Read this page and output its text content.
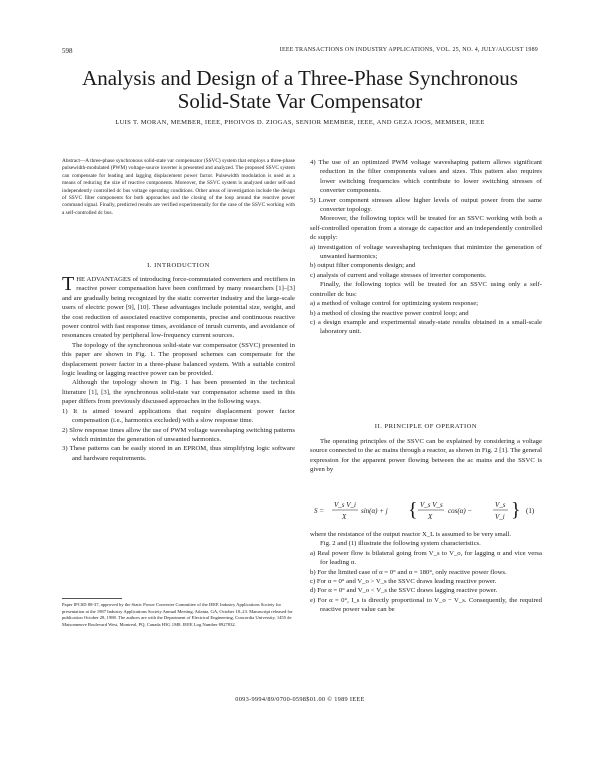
598	IEEE TRANSACTIONS ON INDUSTRY APPLICATIONS, VOL. 25, NO. 4, JULY/AUGUST 1989
Analysis and Design of a Three-Phase Synchronous
Solid-State Var Compensator
LUIS T. MORAN, MEMBER, IEEE, PHOIVOS D. ZIOGAS, SENIOR MEMBER, IEEE, AND GEZA JOOS, MEMBER, IEEE

Abstract—A three-phase synchronous solid-state var compensator (SSVC) system that employs a three-phase pulsewidth-modulated (PWM) voltage-source inverter is presented and analyzed. The proposed SSVC system can compensate for leading and lagging displacement power factor. Pulsewidth modulation is used as a means of reducing the size of reactive components. Moreover, the SSVC system is analyzed under self-and independently controlled dc bus voltage operating conditions. Other areas of investigation include the design of SSVC filter components for both approaches and the closing of the loop around the reactive power command signal. Finally, predicted results are verified experimentally for the case of the SSVC working with a self-controlled dc bus.

I. INTRODUCTION

THE ADVANTAGES of introducing force-commutated converters and rectifiers in reactive power compensation have been confirmed by many researchers [1]–[3] and are gradually being recognized by the static converter industry and the large-scale users of electric power [9], [10]. These advantages include potential size, weight, and the cost reduction of associated reactive components, precise and continuous reactive power control with fast response times, avoidance of inrush currents, and avoidance of resonances created by peripheral low-frequency current sources.

The topology of the synchronous solid-state var compensator (SSVC) presented in this paper are shown in Fig. 1. The proposed schemes can compensate for the displacement power factor in a three-phase balanced system. With a suitable control logic leading or lagging reactive power can be provided.

Although the topology shown in Fig. 1 has been presented in the technical literature [1], [3], the synchronous solid-state var compensator scheme used in this paper differs from previously discussed approaches in the following ways.

1) It is aimed toward applications that require displacement power factor compensation (i.e., harmonics excluded) with a slow response time.

2) Slow response times allow the use of PWM voltage waveshaping switching patterns which minimize the generation of unwanted harmonics.

3) These patterns can be easily stored in an EPROM, thus simplifying logic software and hardware requirements.

Paper IPCSD 88-37, approved by the Static Power Converter Committee of the IEEE Industry Applications Society for presentation at the 1987 Industry Applications Society Annual Meeting, Atlanta, GA, October 18–23. Manuscript released for publication October 28, 1988. The authors are with the Department of Electrical Engineering, Concordia University, 1455 de Maisonneuve Boulevard West, Montreal, PQ, Canada H3G 1M8. IEEE Log Number 8927832.

4) The use of an optimized PWM voltage waveshaping pattern allows significant reduction in the filter components values and sizes. This pattern also requires lower switching frequencies which contribute to lower switching stresses of converter components.

5) Lower component stresses allow higher levels of output power from the same converter topology.

Moreover, the following topics will be treated for an SSVC working with both a self-controlled operation from a storage dc capacitor and an independently controlled dc supply:

a) investigation of voltage waveshaping techniques that minimize the generation of unwanted harmonics;

b) output filter components design; and

c) analysis of current and voltage stresses of inverter components.

Finally, the following topics will be treated for an SSVC using only a self-controller dc bus:

a) a method of voltage control for optimizing system response;

b) a method of closing the reactive power control loop; and

c) a design example and experimental steady-state results obtained in a small-scale laboratory unit.

II. PRINCIPLE OF OPERATION

The operating principles of the SSVC can be explained by considering a voltage source connected to the ac mains through a reactor, as shown in Fig. 2 [1]. The general expression for the apparent power flowing between the ac mains and the SSVC is given by

S =
V_s V_i
X
sin(α) + j { V_s V_s
X
cos(α) −
V_s
V_i } (1)

where the resistance of the output reactor X_L is assumed to be very small.

Fig. 2 and (1) illustrate the following system characteristics.

a) Real power flow is bilateral going from V_s to V_o, for lagging α and vice versa for leading α.

b) For the limited case of α = 0° and α = 180°, only reactive power flows.

c) For α = 0° and V_o > V_s the SSVC draws leading reactive power.

d) For α = 0° and V_o < V_s the SSVC draws lagging reactive power.

e) For α = 0°, I_s is directly proportional to V_o − V_s. Consequently, the required reactive power value can be

0093-9994/89/0700-0598$01.00 © 1989 IEEE
